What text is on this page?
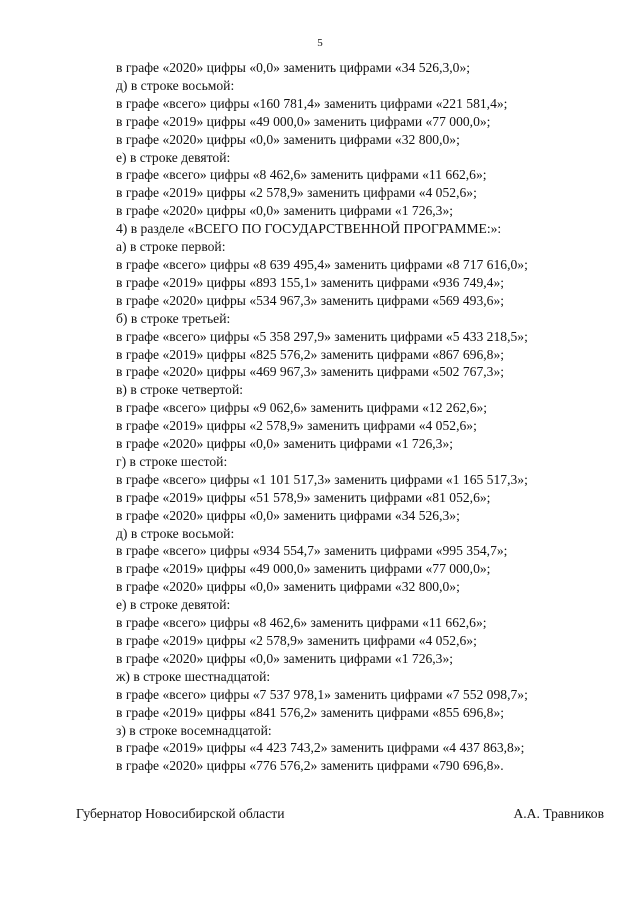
5
в графе «2020» цифры «0,0» заменить цифрами «34 526,3,0»;
д) в строке восьмой:
в графе «всего» цифры «160 781,4» заменить цифрами «221 581,4»;
в графе «2019» цифры «49 000,0» заменить цифрами «77 000,0»;
в графе «2020» цифры «0,0» заменить цифрами «32 800,0»;
е) в строке девятой:
в графе «всего» цифры «8 462,6» заменить цифрами «11 662,6»;
в графе «2019» цифры «2 578,9» заменить цифрами «4 052,6»;
в графе «2020» цифры «0,0» заменить цифрами «1 726,3»;
4) в разделе «ВСЕГО ПО ГОСУДАРСТВЕННОЙ ПРОГРАММЕ:»:
а) в строке первой:
в графе «всего» цифры «8 639 495,4» заменить цифрами «8 717 616,0»;
в графе «2019» цифры «893 155,1» заменить цифрами «936 749,4»;
в графе «2020» цифры «534 967,3» заменить цифрами «569 493,6»;
б) в строке третьей:
в графе «всего» цифры «5 358 297,9» заменить цифрами «5 433 218,5»;
в графе «2019» цифры «825 576,2» заменить цифрами «867 696,8»;
в графе «2020» цифры «469 967,3» заменить цифрами «502 767,3»;
в) в строке четвертой:
в графе «всего» цифры «9 062,6» заменить цифрами «12 262,6»;
в графе «2019» цифры «2 578,9» заменить цифрами «4 052,6»;
в графе «2020» цифры «0,0» заменить цифрами «1 726,3»;
г) в строке шестой:
в графе «всего» цифры «1 101 517,3» заменить цифрами «1 165 517,3»;
в графе «2019» цифры «51 578,9» заменить цифрами «81 052,6»;
в графе «2020» цифры «0,0» заменить цифрами «34 526,3»;
д) в строке восьмой:
в графе «всего» цифры «934 554,7» заменить цифрами «995 354,7»;
в графе «2019» цифры «49 000,0» заменить цифрами «77 000,0»;
в графе «2020» цифры «0,0» заменить цифрами «32 800,0»;
е) в строке девятой:
в графе «всего» цифры «8 462,6» заменить цифрами «11 662,6»;
в графе «2019» цифры «2 578,9» заменить цифрами «4 052,6»;
в графе «2020» цифры «0,0» заменить цифрами «1 726,3»;
ж) в строке шестнадцатой:
в графе «всего» цифры «7 537 978,1» заменить цифрами «7 552 098,7»;
в графе «2019» цифры «841 576,2» заменить цифрами «855 696,8»;
з) в строке восемнадцатой:
в графе «2019» цифры «4 423 743,2» заменить цифрами «4 437 863,8»;
в графе «2020» цифры «776 576,2» заменить цифрами «790 696,8».
Губернатор Новосибирской области	А.А. Травников
